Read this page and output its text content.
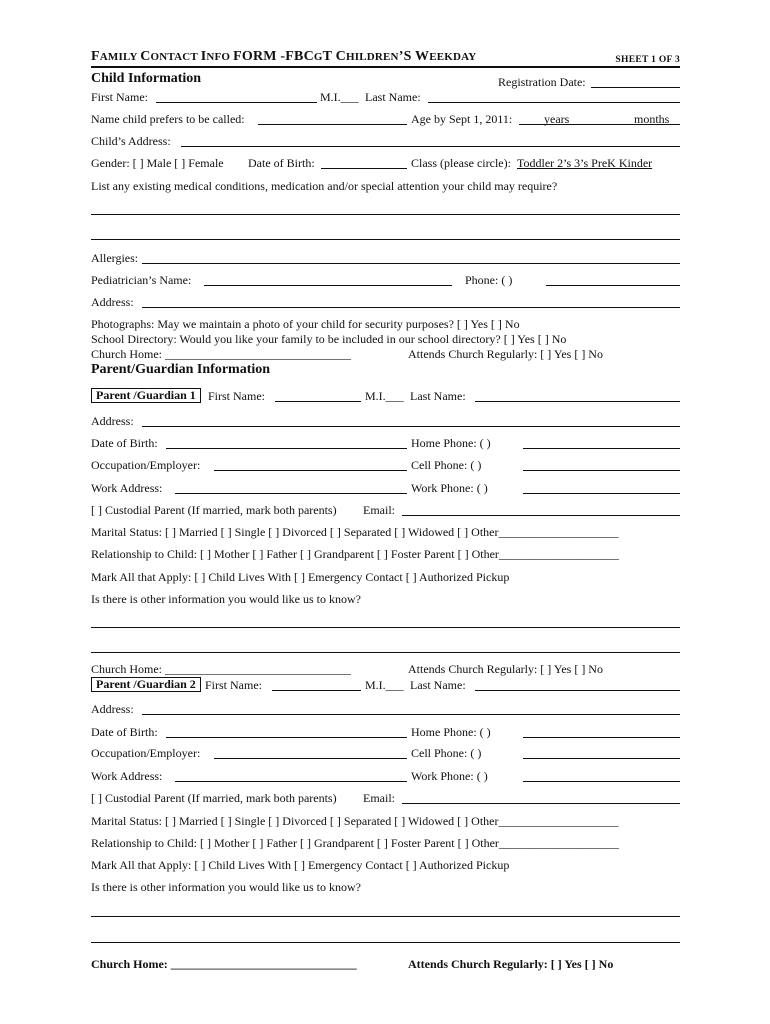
FAMILY CONTACT INFO FORM -FBCGT CHILDREN’S WEEKDAY	SHEET 1 OF 3
Child Information	Registration Date:
First Name:	M.I.___ Last Name:
Name child prefers to be called:	Age by Sept 1, 2011:	years	months
Child’s Address:
Gender: [ ] Male [ ] Female Date of Birth:	Class (please circle): Toddler 2’s 3’s PreK Kinder
List any existing medical conditions, medication and/or special attention your child may require?
Allergies:
Pediatrician’s Name:	Phone: ( )
Address:
Photographs: May we maintain a photo of your child for security purposes? [ ] Yes [ ] No
School Directory: Would you like your family to be included in our school directory? [ ] Yes [ ] No
Church Home: _______________________________	Attends Church Regularly: [ ] Yes [ ] No
Parent/Guardian Information
Parent /Guardian 1	First Name:	M.I.___ Last Name:
Address:
Date of Birth:	Home Phone: ( )
Occupation/Employer:	Cell Phone: ( )
Work Address:	Work Phone: ( )
[ ] Custodial Parent (If married, mark both parents) Email:
Marital Status: [ ] Married [ ] Single [ ] Divorced [ ] Separated [ ] Widowed [ ] Other____________________
Relationship to Child: [ ] Mother [ ] Father [ ] Grandparent [ ] Foster Parent [ ] Other____________________
Mark All that Apply: [ ] Child Lives With [ ] Emergency Contact [ ] Authorized Pickup
Is there is other information you would like us to know?
Church Home: _______________________________	Attends Church Regularly: [ ] Yes [ ] No
Parent /Guardian 2 First Name:	M.I.___ Last Name:
Address:
Date of Birth:	Home Phone: ( )
Occupation/Employer:	Cell Phone: ( )
Work Address:	Work Phone: ( )
[ ] Custodial Parent (If married, mark both parents) Email:
Marital Status: [ ] Married [ ] Single [ ] Divorced [ ] Separated [ ] Widowed [ ] Other____________________
Relationship to Child: [ ] Mother [ ] Father [ ] Grandparent [ ] Foster Parent [ ] Other____________________
Mark All that Apply: [ ] Child Lives With [ ] Emergency Contact [ ] Authorized Pickup
Is there is other information you would like us to know?
Church Home: _______________________________	Attends Church Regularly: [ ] Yes [ ] No
